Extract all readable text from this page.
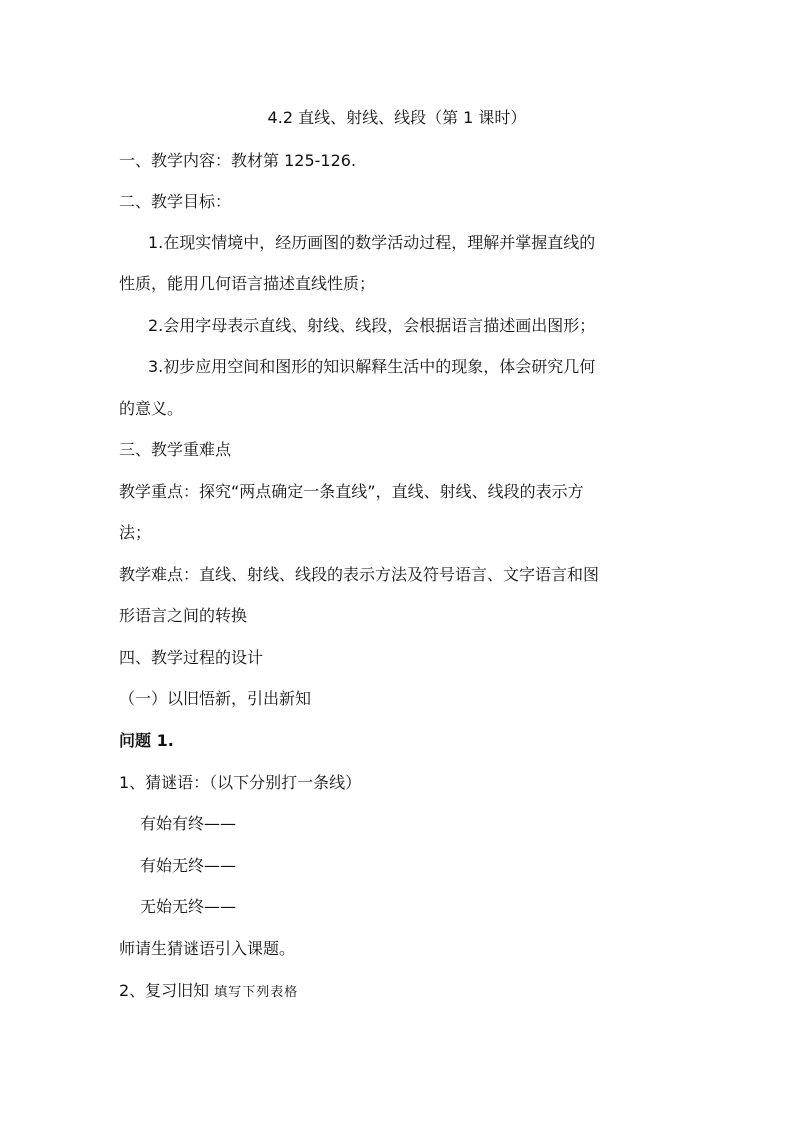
4.2 直线、射线、线段（第 1 课时）
一、教学内容：教材第 125-126.
二、教学目标：
1.在现实情境中，经历画图的数学活动过程，理解并掌握直线的
性质，能用几何语言描述直线性质；
2.会用字母表示直线、射线、线段，会根据语言描述画出图形；
3.初步应用空间和图形的知识解释生活中的现象，体会研究几何
的意义。
三、教学重难点
教学重点：探究“两点确定一条直线”，直线、射线、线段的表示方
法；
教学难点：直线、射线、线段的表示方法及符号语言、文字语言和图
形语言之间的转换
四、教学过程的设计
（一）以旧悟新，引出新知
问题 1.
1、猜谜语：（以下分别打一条线）
有始有终——
有始无终——
无始无终——
师请生猜谜语引入课题。
2、复习旧知 填写下列表格
